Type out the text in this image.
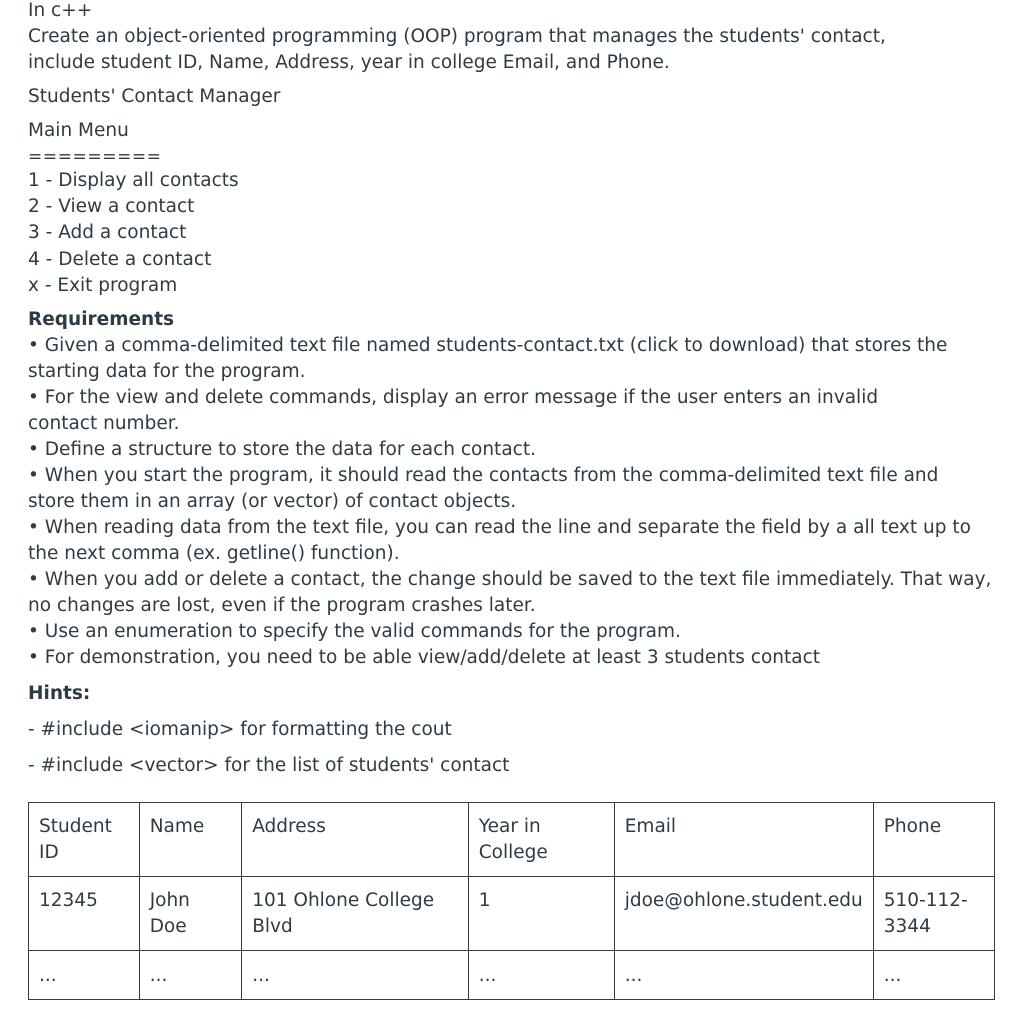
In c++

Create an object-oriented programming (OOP) program that manages the students' contact, include student ID, Name, Address, year in college Email, and Phone.

Students' Contact Manager

Main Menu

=========
1 - Display all contacts
2 - View a contact
3 - Add a contact
4 - Delete a contact
x - Exit program

Requirements

• Given a comma-delimited text file named students-contact.txt (click to download) that stores the starting data for the program.
• For the view and delete commands, display an error message if the user enters an invalid contact number.
• Define a structure to store the data for each contact.
• When you start the program, it should read the contacts from the comma-delimited text file and store them in an array (or vector) of contact objects.
• When reading data from the text file, you can read the line and separate the field by a all text up to the next comma (ex. getline() function).
• When you add or delete a contact, the change should be saved to the text file immediately. That way, no changes are lost, even if the program crashes later.
• Use an enumeration to specify the valid commands for the program.
• For demonstration, you need to be able view/add/delete at least 3 students contact

Hints:

- #include <iomanip> for formatting the cout

- #include <vector> for the list of students' contact

Student ID	Name	Address	Year in College	Email	Phone
12345	John Doe	101 Ohlone College Blvd	1	jdoe@ohlone.student.edu	510-112-3344
...	...	...	...	...	...
